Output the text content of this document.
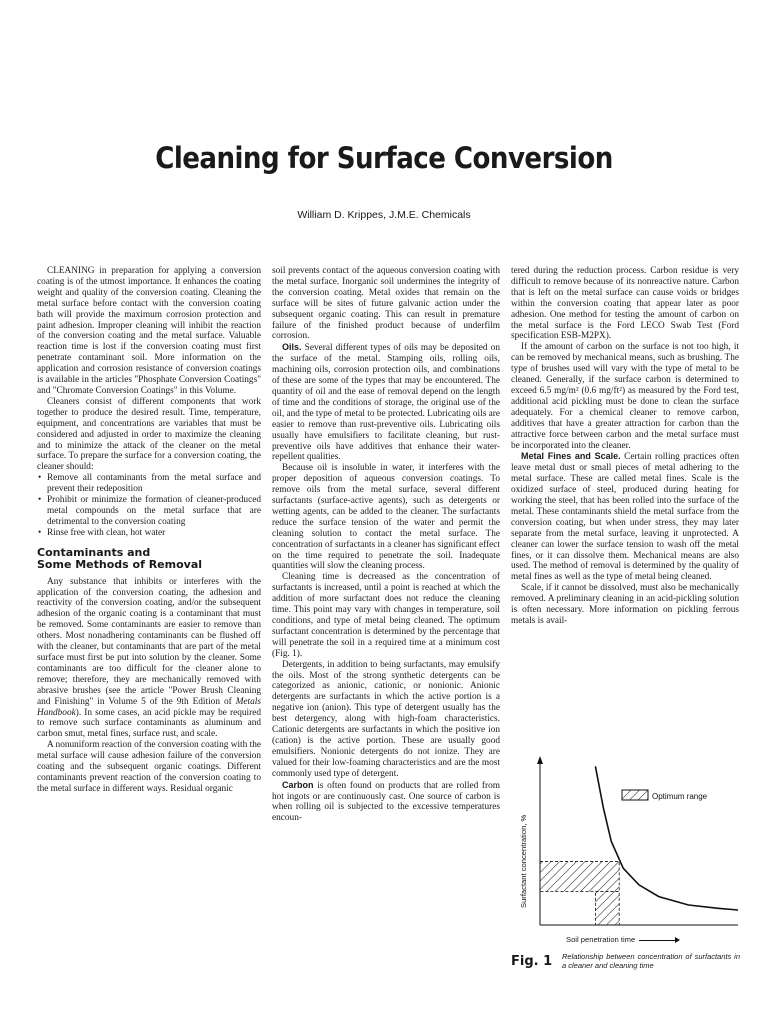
Cleaning for Surface Conversion
William D. Krippes, J.M.E. Chemicals

CLEANING in preparation for applying a conversion coating is of the utmost importance. It enhances the coating weight and quality of the conversion coating. Cleaning the metal surface before contact with the conversion coating bath will provide the maximum corrosion protection and paint adhesion. Improper cleaning will inhibit the reaction of the conversion coating and the metal surface. Valuable reaction time is lost if the conversion coating must first penetrate contaminant soil. More information on the application and corrosion resistance of conversion coatings is available in the articles "Phosphate Conversion Coatings" and "Chromate Conversion Coatings" in this Volume.

Cleaners consist of different components that work together to produce the desired result. Time, temperature, equipment, and concentrations are variables that must be considered and adjusted in order to maximize the cleaning and to minimize the attack of the cleaner on the metal surface. To prepare the surface for a conversion coating, the cleaner should:

• Remove all contaminants from the metal surface and prevent their redeposition
• Prohibit or minimize the formation of cleaner-produced metal compounds on the metal surface that are detrimental to the conversion coating
• Rinse free with clean, hot water
Contaminants and
Some Methods of Removal

Any substance that inhibits or interferes with the application of the conversion coating, the adhesion and reactivity of the conversion coating, and/or the subsequent adhesion of the organic coating is a contaminant that must be removed. Some contaminants are easier to remove than others. Most nonadhering contaminants can be flushed off with the cleaner, but contaminants that are part of the metal surface must first be put into solution by the cleaner. Some contaminants are too difficult for the cleaner alone to remove; therefore, they are mechanically removed with abrasive brushes (see the article "Power Brush Cleaning and Finishing" in Volume 5 of the 9th Edition of Metals Handbook). In some cases, an acid pickle may be required to remove such surface contaminants as aluminum and carbon smut, metal fines, surface rust, and scale.

A nonuniform reaction of the conversion coating with the metal surface will cause adhesion failure of the conversion coating and the subsequent organic coatings. Different contaminants prevent reaction of the conversion coating to the metal surface in different ways. Residual organic

soil prevents contact of the aqueous conversion coating with the metal surface. Inorganic soil undermines the integrity of the conversion coating. Metal oxides that remain on the surface will be sites of future galvanic action under the subsequent organic coating. This can result in premature failure of the finished product because of underfilm corrosion.

Oils. Several different types of oils may be deposited on the surface of the metal. Stamping oils, rolling oils, machining oils, corrosion protection oils, and combinations of these are some of the types that may be encountered. The quantity of oil and the ease of removal depend on the length of time and the conditions of storage, the original use of the oil, and the type of metal to be protected. Lubricating oils are easier to remove than rust-preventive oils. Lubricating oils usually have emulsifiers to facilitate cleaning, but rust-preventive oils have additives that enhance their water-repellent qualities.

Because oil is insoluble in water, it interferes with the proper deposition of aqueous conversion coatings. To remove oils from the metal surface, several different surfactants (surface-active agents), such as detergents or wetting agents, can be added to the cleaner. The surfactants reduce the surface tension of the water and permit the cleaning solution to contact the metal surface. The concentration of surfactants in a cleaner has significant effect on the time required to penetrate the soil. Inadequate quantities will slow the cleaning process.

Cleaning time is decreased as the concentration of surfactants is increased, until a point is reached at which the addition of more surfactant does not reduce the cleaning time. This point may vary with changes in temperature, soil conditions, and type of metal being cleaned. The optimum surfactant concentration is determined by the percentage that will penetrate the soil in a required time at a minimum cost (Fig. 1).

Detergents, in addition to being surfactants, may emulsify the oils. Most of the strong synthetic detergents can be categorized as anionic, cationic, or nonionic. Anionic detergents are surfactants in which the active portion is a negative ion (anion). This type of detergent usually has the best detergency, along with high-foam characteristics. Cationic detergents are surfactants in which the positive ion (cation) is the active portion. These are usually good emulsifiers. Nonionic detergents do not ionize. They are valued for their low-foaming characteristics and are the most commonly used type of detergent.

Carbon is often found on products that are rolled from hot ingots or are continuously cast. One source of carbon is when rolling oil is subjected to the excessive temperatures encoun-

tered during the reduction process. Carbon residue is very difficult to remove because of its nonreactive nature. Carbon that is left on the metal surface can cause voids or bridges within the conversion coating that appear later as poor adhesion. One method for testing the amount of carbon on the metal surface is the Ford LECO Swab Test (Ford specification ESB-M2PX).

If the amount of carbon on the surface is not too high, it can be removed by mechanical means, such as brushing. The type of brushes used will vary with the type of metal to be cleaned. Generally, if the surface carbon is determined to exceed 6.5 mg/m² (0.6 mg/ft²) as measured by the Ford test, additional acid pickling must be done to clean the surface adequately. For a chemical cleaner to remove carbon, additives that have a greater attraction for carbon than the attractive force between carbon and the metal surface must be incorporated into the cleaner.

Metal Fines and Scale. Certain rolling practices often leave metal dust or small pieces of metal adhering to the metal surface. These are called metal fines. Scale is the oxidized surface of steel, produced during heating for working the steel, that has been rolled into the surface of the metal. These contaminants shield the metal surface from the conversion coating, but when under stress, they may later separate from the metal surface, leaving it unprotected. A cleaner can lower the surface tension to wash off the metal fines, or it can dissolve them. Mechanical means are also used. The method of removal is determined by the quality of metal fines as well as the type of metal being cleaned.

Scale, if it cannot be dissolved, must also be mechanically removed. A preliminary cleaning in an acid-pickling solution is often necessary. More information on pickling ferrous metals is avail-

Surfactant concentration, %
Optimum range
Soil penetration time
Fig. 1 Relationship between concentration of surfactants in a cleaner and cleaning time
